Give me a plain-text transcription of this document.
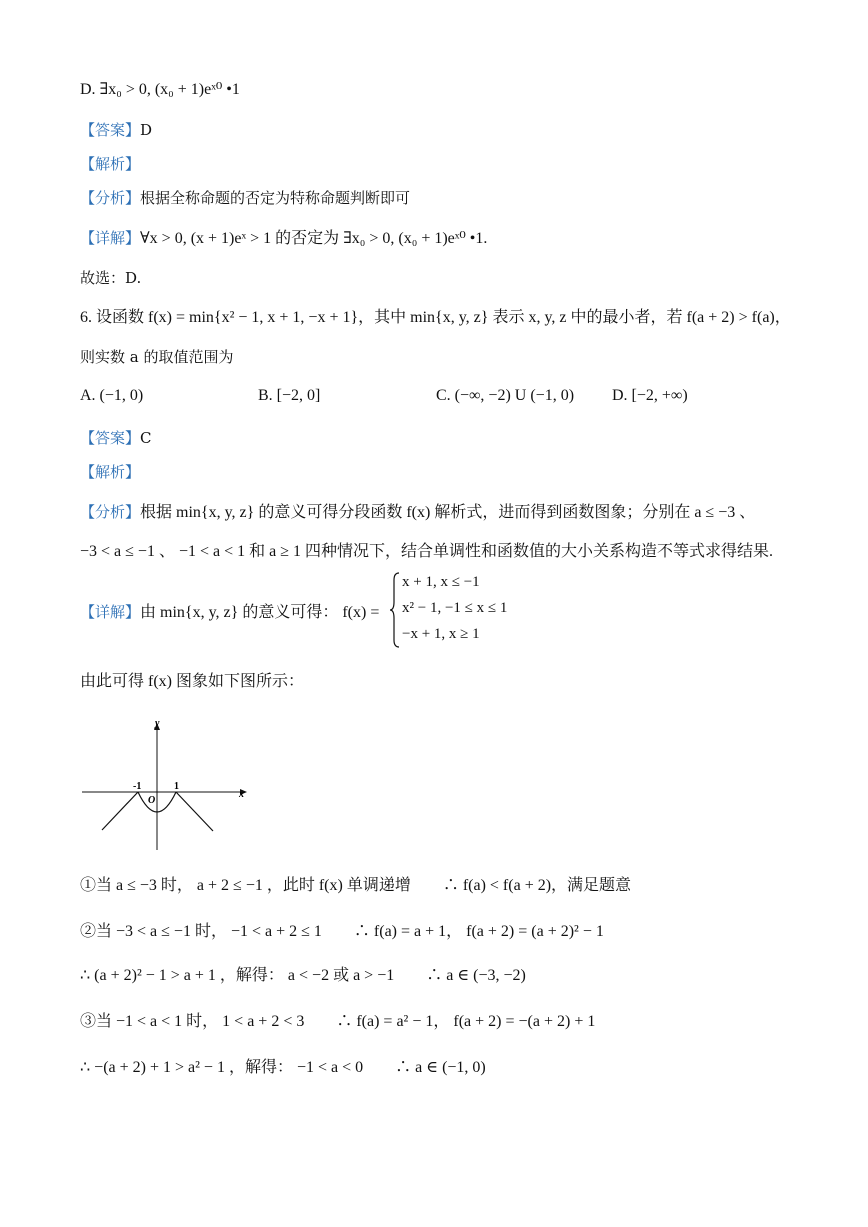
D. ∃x₀ > 0, (x₀ + 1)eˣ⁰ •1
【答案】D
【解析】
【分析】根据全称命题的否定为特称命题判断即可
【详解】∀x > 0, (x + 1)eˣ > 1 的否定为 ∃x₀ > 0, (x₀ + 1)eˣ⁰ •1.
故选：D.
6. 设函数 f(x) = min{x² − 1, x + 1, −x + 1}，其中 min{x, y, z} 表示 x, y, z 中的最小者，若 f(a + 2) > f(a)，
则实数 a 的取值范围为
A. (−1, 0)	B. [−2, 0]	C. (−∞, −2) U (−1, 0) D. [−2, +∞)
【答案】C
【解析】
【分析】根据 min{x, y, z} 的意义可得分段函数 f(x) 解析式，进而得到函数图象；分别在 a ≤ −3 、
−3 < a ≤ −1 、 −1 < a < 1 和 a ≥ 1 四种情况下，结合单调性和函数值的大小关系构造不等式求得结果.
【详解】由 min{x, y, z} 的意义可得： f(x) =
x + 1, x ≤ −1
x² − 1, −1 ≤ x ≤ 1
−x + 1, x ≥ 1
由此可得 f(x) 图象如下图所示：
y
x
O
-1	1
①当 a ≤ −3 时， a + 2 ≤ −1 ，此时 f(x) 单调递增　　∴ f(a) < f(a + 2)，满足题意
②当 −3 < a ≤ −1 时， −1 < a + 2 ≤ 1　　∴ f(a) = a + 1， f(a + 2) = (a + 2)² − 1
∴ (a + 2)² − 1 > a + 1 ，解得： a < −2 或 a > −1　　∴ a ∈ (−3, −2)
③当 −1 < a < 1 时， 1 < a + 2 < 3　　∴ f(a) = a² − 1， f(a + 2) = −(a + 2) + 1
∴ −(a + 2) + 1 > a² − 1 ，解得： −1 < a < 0　　∴ a ∈ (−1, 0)
